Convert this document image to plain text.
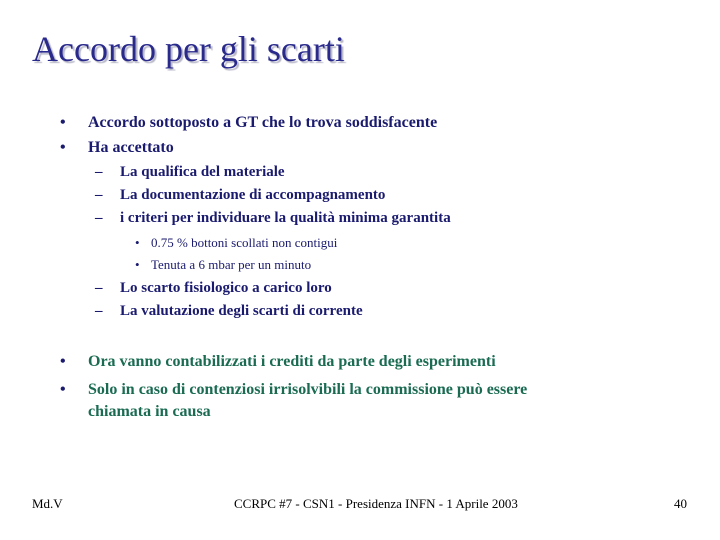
Accordo per gli scarti
• Accordo sottoposto a GT che lo trova soddisfacente
• Ha accettato
– La qualifica del materiale
– La documentazione di accompagnamento
– i criteri per individuare la qualità minima garantita
• 0.75 % bottoni scollati non contigui
• Tenuta a 6 mbar per un minuto
– Lo scarto fisiologico a carico loro
– La valutazione degli scarti di corrente
• Ora vanno contabilizzati i crediti da parte degli esperimenti
• Solo in caso di contenziosi irrisolvibili la commissione può essere
chiamata in causa
Md.V	CCRPC #7 - CSN1 - Presidenza INFN - 1 Aprile 2003	40
